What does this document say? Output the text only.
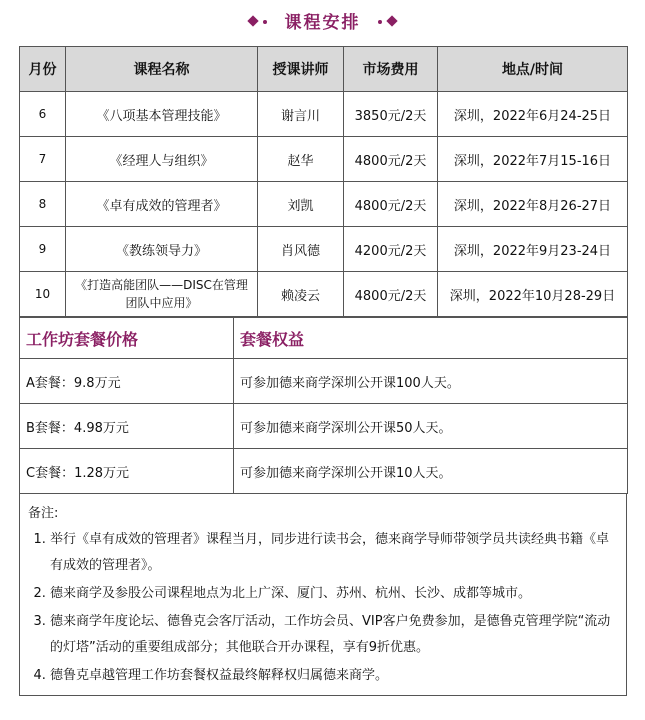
课程安排
月份	课程名称	授课讲师	市场费用	地点/时间
6	《八项基本管理技能》	谢言川	3850元/2天	深圳，2022年6月24-25日
7	《经理人与组织》	赵华	4800元/2天	深圳，2022年7月15-16日
8	《卓有成效的管理者》	刘凯	4800元/2天	深圳，2022年8月26-27日
9	《教练领导力》	肖风德	4200元/2天	深圳，2022年9月23-24日
10	《打造高能团队——DISC在管理团队中应用》	赖凌云	4800元/2天	深圳，2022年10月28-29日
工作坊套餐价格	套餐权益
A套餐：9.8万元	可参加德来商学深圳公开课100人天。
B套餐：4.98万元	可参加德来商学深圳公开课50人天。
C套餐：1.28万元	可参加德来商学深圳公开课10人天。
备注:
1. 举行《卓有成效的管理者》课程当月，同步进行读书会，德来商学导师带领学员共读经典书籍《卓有成效的管理者》。
2. 德来商学及参股公司课程地点为北上广深、厦门、苏州、杭州、长沙、成都等城市。
3. 德来商学年度论坛、德鲁克会客厅活动，工作坊会员、VIP客户免费参加，是德鲁克管理学院“流动的灯塔”活动的重要组成部分；其他联合开办课程，享有9折优惠。
4. 德鲁克卓越管理工作坊套餐权益最终解释权归属德来商学。
